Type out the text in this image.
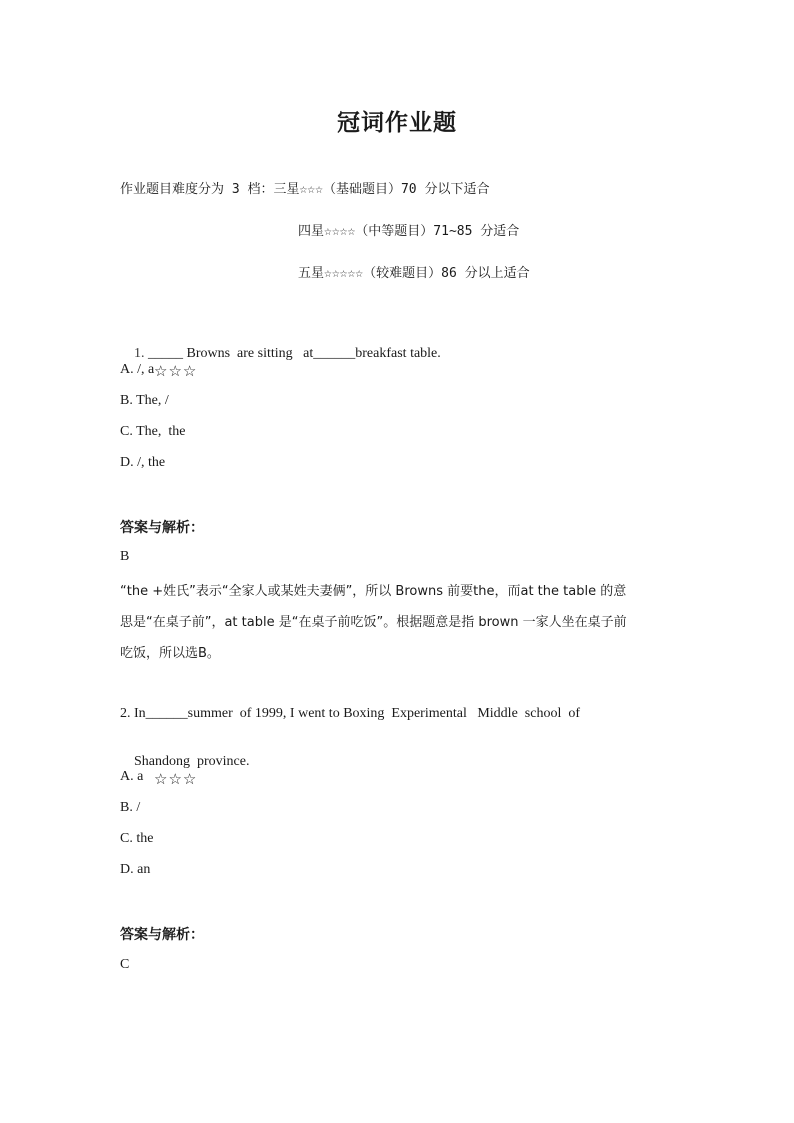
冠词作业题
作业题目难度分为 3 档：三星☆☆☆（基础题目）70 分以下适合
四星☆☆☆☆（中等题目）71~85 分适合
五星☆☆☆☆☆（较难题目）86 分以上适合

1. _____ Browns  are sitting   at______breakfast table.
☆☆☆

A. /, a
B. The, /
C. The,  the
D. /, the
答案与解析：
B
“the +姓氏”表示“全家人或某姓夫妻俩”，所以 Browns 前要the，而at the table 的意
思是“在桌子前”，at table 是“在桌子前吃饭”。根据题意是指 brown 一家人坐在桌子前
吃饭，所以选B。
2. In______summer  of 1999, I went to Boxing  Experimental   Middle  school  of

Shandong  province.
☆☆☆

A. a
B. /
C. the
D. an
答案与解析：
C
